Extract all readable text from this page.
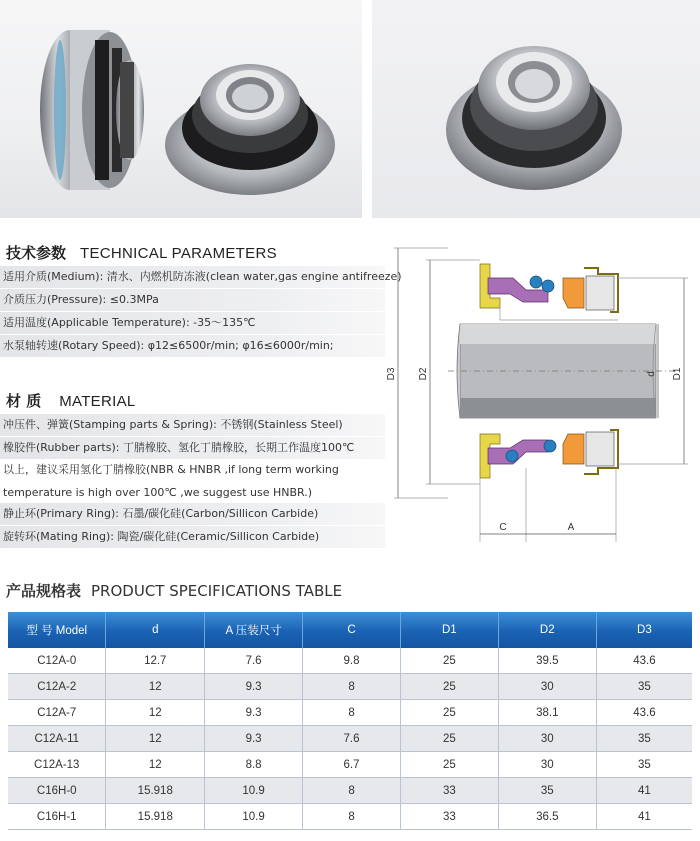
技术参数 TECHNICAL PARAMETERS
适用介质(Medium): 清水、内燃机防冻液(clean water,gas engine antifreeze)
介质压力(Pressure): ≤0.3MPa
适用温度(Applicable Temperature): -35～135℃
水泵轴转速(Rotary Speed): φ12≤6500r/min; φ16≤6000r/min;
材 质 MATERIAL
冲压件、弹簧(Stamping parts & Spring): 不锈钢(Stainless Steel)
橡胶件(Rubber parts): 丁腈橡胶、氢化丁腈橡胶，长期工作温度100℃
以上，建议采用氢化丁腈橡胶(NBR & HNBR ,if long term working
temperature is high over 100℃ ,we suggest use HNBR.)
静止环(Primary Ring): 石墨/碳化硅(Carbon/Sillicon Carbide)
旋转环(Mating Ring): 陶瓷/碳化硅(Ceramic/Sillicon Carbide)
D3 D2	d D1
C	A
产品规格表 PRODUCT SPECIFICATIONS TABLE
型 号 Model	d	A 压装尺寸	C	D1	D2	D3
C12A-0	12.7	7.6	9.8	25	39.5	43.6
C12A-2	12	9.3	8	25	30	35
C12A-7	12	9.3	8	25	38.1	43.6
C12A-11	12	9.3	7.6	25	30	35
C12A-13	12	8.8	6.7	25	30	35
C16H-0	15.918	10.9	8	33	35	41
C16H-1	15.918	10.9	8	33	36.5	41
